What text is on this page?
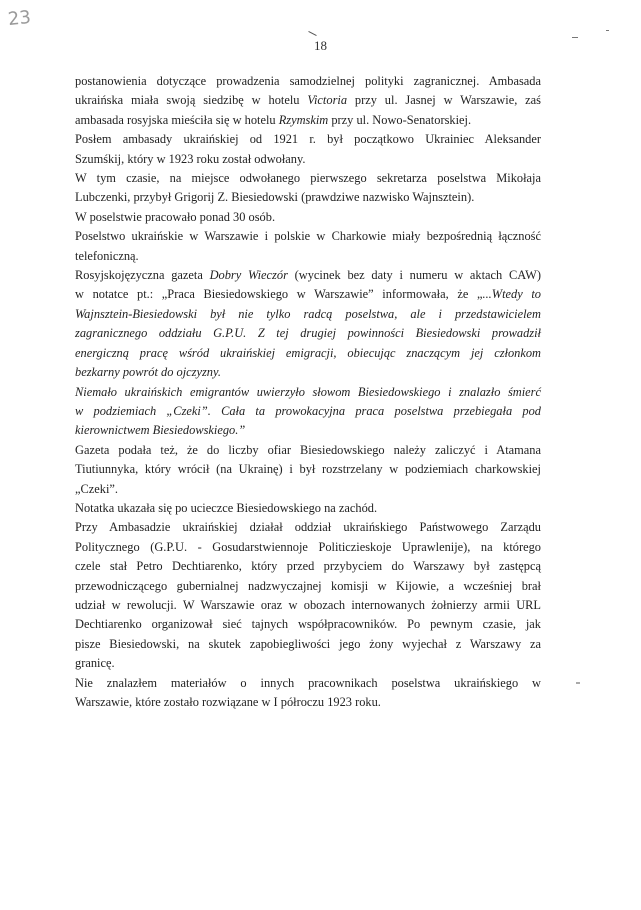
23
18
postanowienia dotyczące prowadzenia samodzielnej polityki zagranicznej. Ambasada
ukraińska miała swoją siedzibę w hotelu Victoria przy ul. Jasnej w Warszawie, zaś
ambasada rosyjska mieściła się w hotelu Rzymskim przy ul. Nowo-Senatorskiej.
Posłem ambasady ukraińskiej od 1921 r. był początkowo Ukrainiec Aleksander
Szumśkij, który w 1923 roku został odwołany.
W tym czasie, na miejsce odwołanego pierwszego sekretarza poselstwa Mikołaja
Lubczenki, przybył Grigorij Z. Biesiedowski (prawdziwe nazwisko Wajnsztein).
W poselstwie pracowało ponad 30 osób.
Poselstwo ukraińskie w Warszawie i polskie w Charkowie miały bezpośrednią łączność
telefoniczną.
Rosyjskojęzyczna gazeta Dobry Wieczór (wycinek bez daty i numeru w aktach CAW)
w notatce pt.: „Praca Biesiedowskiego w Warszawie” informowała, że „...Wtedy to
Wajnsztein-Biesiedowski był nie tylko radcą poselstwa, ale i przedstawicielem
zagranicznego oddziału G.P.U. Z tej drugiej powinności Biesiedowski prowadził
energiczną pracę wśród ukraińskiej emigracji, obiecując znaczącym jej członkom
bezkarny powrót do ojczyzny.
Niemało ukraińskich emigrantów uwierzyło słowom Biesiedowskiego i znalazło śmierć
w podziemiach „Czeki”. Cała ta prowokacyjna praca poselstwa przebiegała pod
kierownictwem Biesiedowskiego.”
Gazeta podała też, że do liczby ofiar Biesiedowskiego należy zaliczyć i Atamana
Tiutiunnyka, który wrócił (na Ukrainę) i był rozstrzelany w podziemiach charkowskiej
„Czeki”.
Notatka ukazała się po ucieczce Biesiedowskiego na zachód.
Przy Ambasadzie ukraińskiej działał oddział ukraińskiego Państwowego Zarządu
Politycznego (G.P.U. - Gosudarstwiennoje Politiczieskoje Uprawlenije), na którego
czele stał Petro Dechtiarenko, który przed przybyciem do Warszawy był zastępcą
przewodniczącego gubernialnej nadzwyczajnej komisji w Kijowie, a wcześniej brał
udział w rewolucji. W Warszawie oraz w obozach internowanych żołnierzy armii URL
Dechtiarenko organizował sieć tajnych współpracowników. Po pewnym czasie, jak
pisze Biesiedowski, na skutek zapobiegliwości jego żony wyjechał z Warszawy za
granicę.
Nie znalazłem materiałów o innych pracownikach poselstwa ukraińskiego w
Warszawie, które zostało rozwiązane w I półroczu 1923 roku.
